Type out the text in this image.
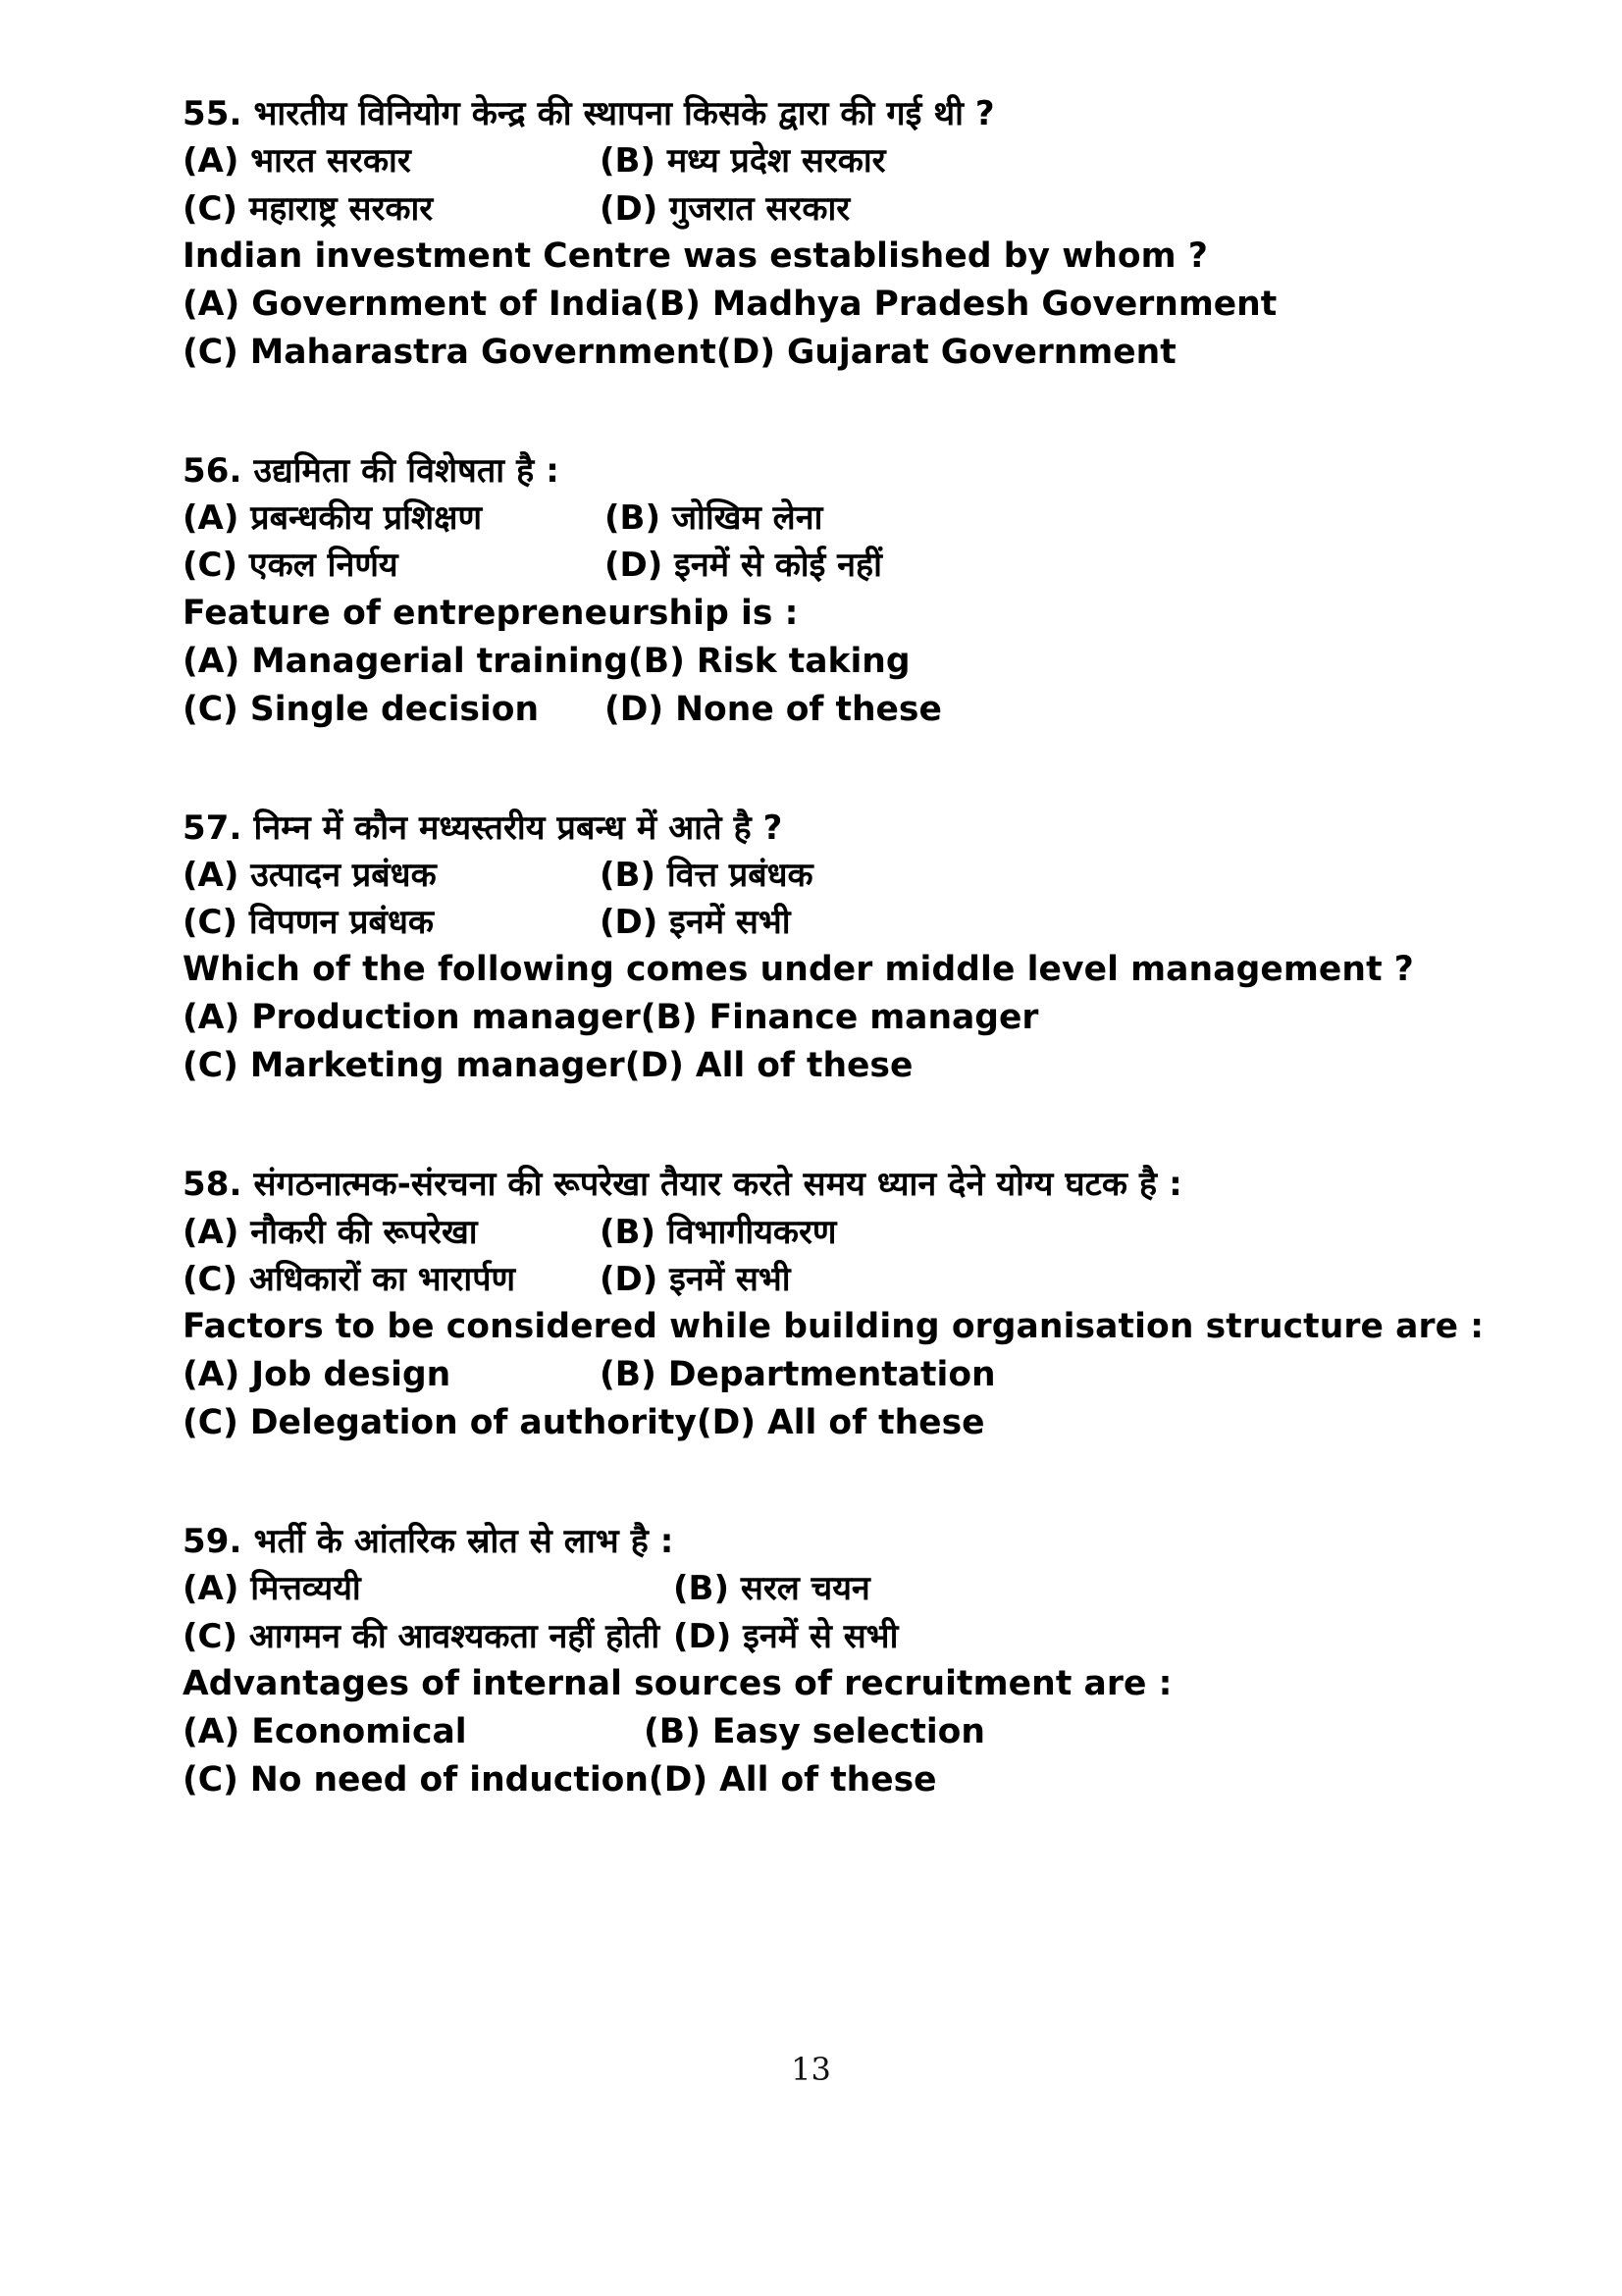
55. भारतीय विनियोग केन्द्र की स्थापना किसके द्वारा की गई थी ?
(A) भारत सरकार	(B) मध्य प्रदेश सरकार
(C) महाराष्ट्र सरकार	(D) गुजरात सरकार
Indian investment Centre was established by whom ?
(A) Government of India (B) Madhya Pradesh Government
(C) Maharastra Government (D) Gujarat Government
56. उद्यमिता की विशेषता है :
(A) प्रबन्धकीय प्रशिक्षण	(B) जोखिम लेना
(C) एकल निर्णय	(D) इनमें से कोई नहीं
Feature of entrepreneurship is :
(A) Managerial training (B) Risk taking
(C) Single decision	(D) None of these
57. निम्न में कौन मध्यस्तरीय प्रबन्ध में आते है ?
(A) उत्पादन प्रबंधक	(B) वित्त प्रबंधक
(C) विपणन प्रबंधक	(D) इनमें सभी
Which of the following comes under middle level management ?
(A) Production manager (B) Finance manager
(C) Marketing manager (D) All of these
58. संगठनात्मक-संरचना की रूपरेखा तैयार करते समय ध्यान देने योग्य घटक है :
(A) नौकरी की रूपरेखा	(B) विभागीयकरण
(C) अधिकारों का भारार्पण	(D) इनमें सभी
Factors to be considered while building organisation structure are :
(A) Job design	(B) Departmentation
(C) Delegation of authority (D) All of these
59. भर्ती के आंतरिक स्रोत से लाभ है :
(A) मित्तव्ययी	(B) सरल चयन
(C) आगमन की आवश्यकता नहीं होती (D) इनमें से सभी
Advantages of internal sources of recruitment are :
(A) Economical	(B) Easy selection
(C) No need of induction (D) All of these
13
